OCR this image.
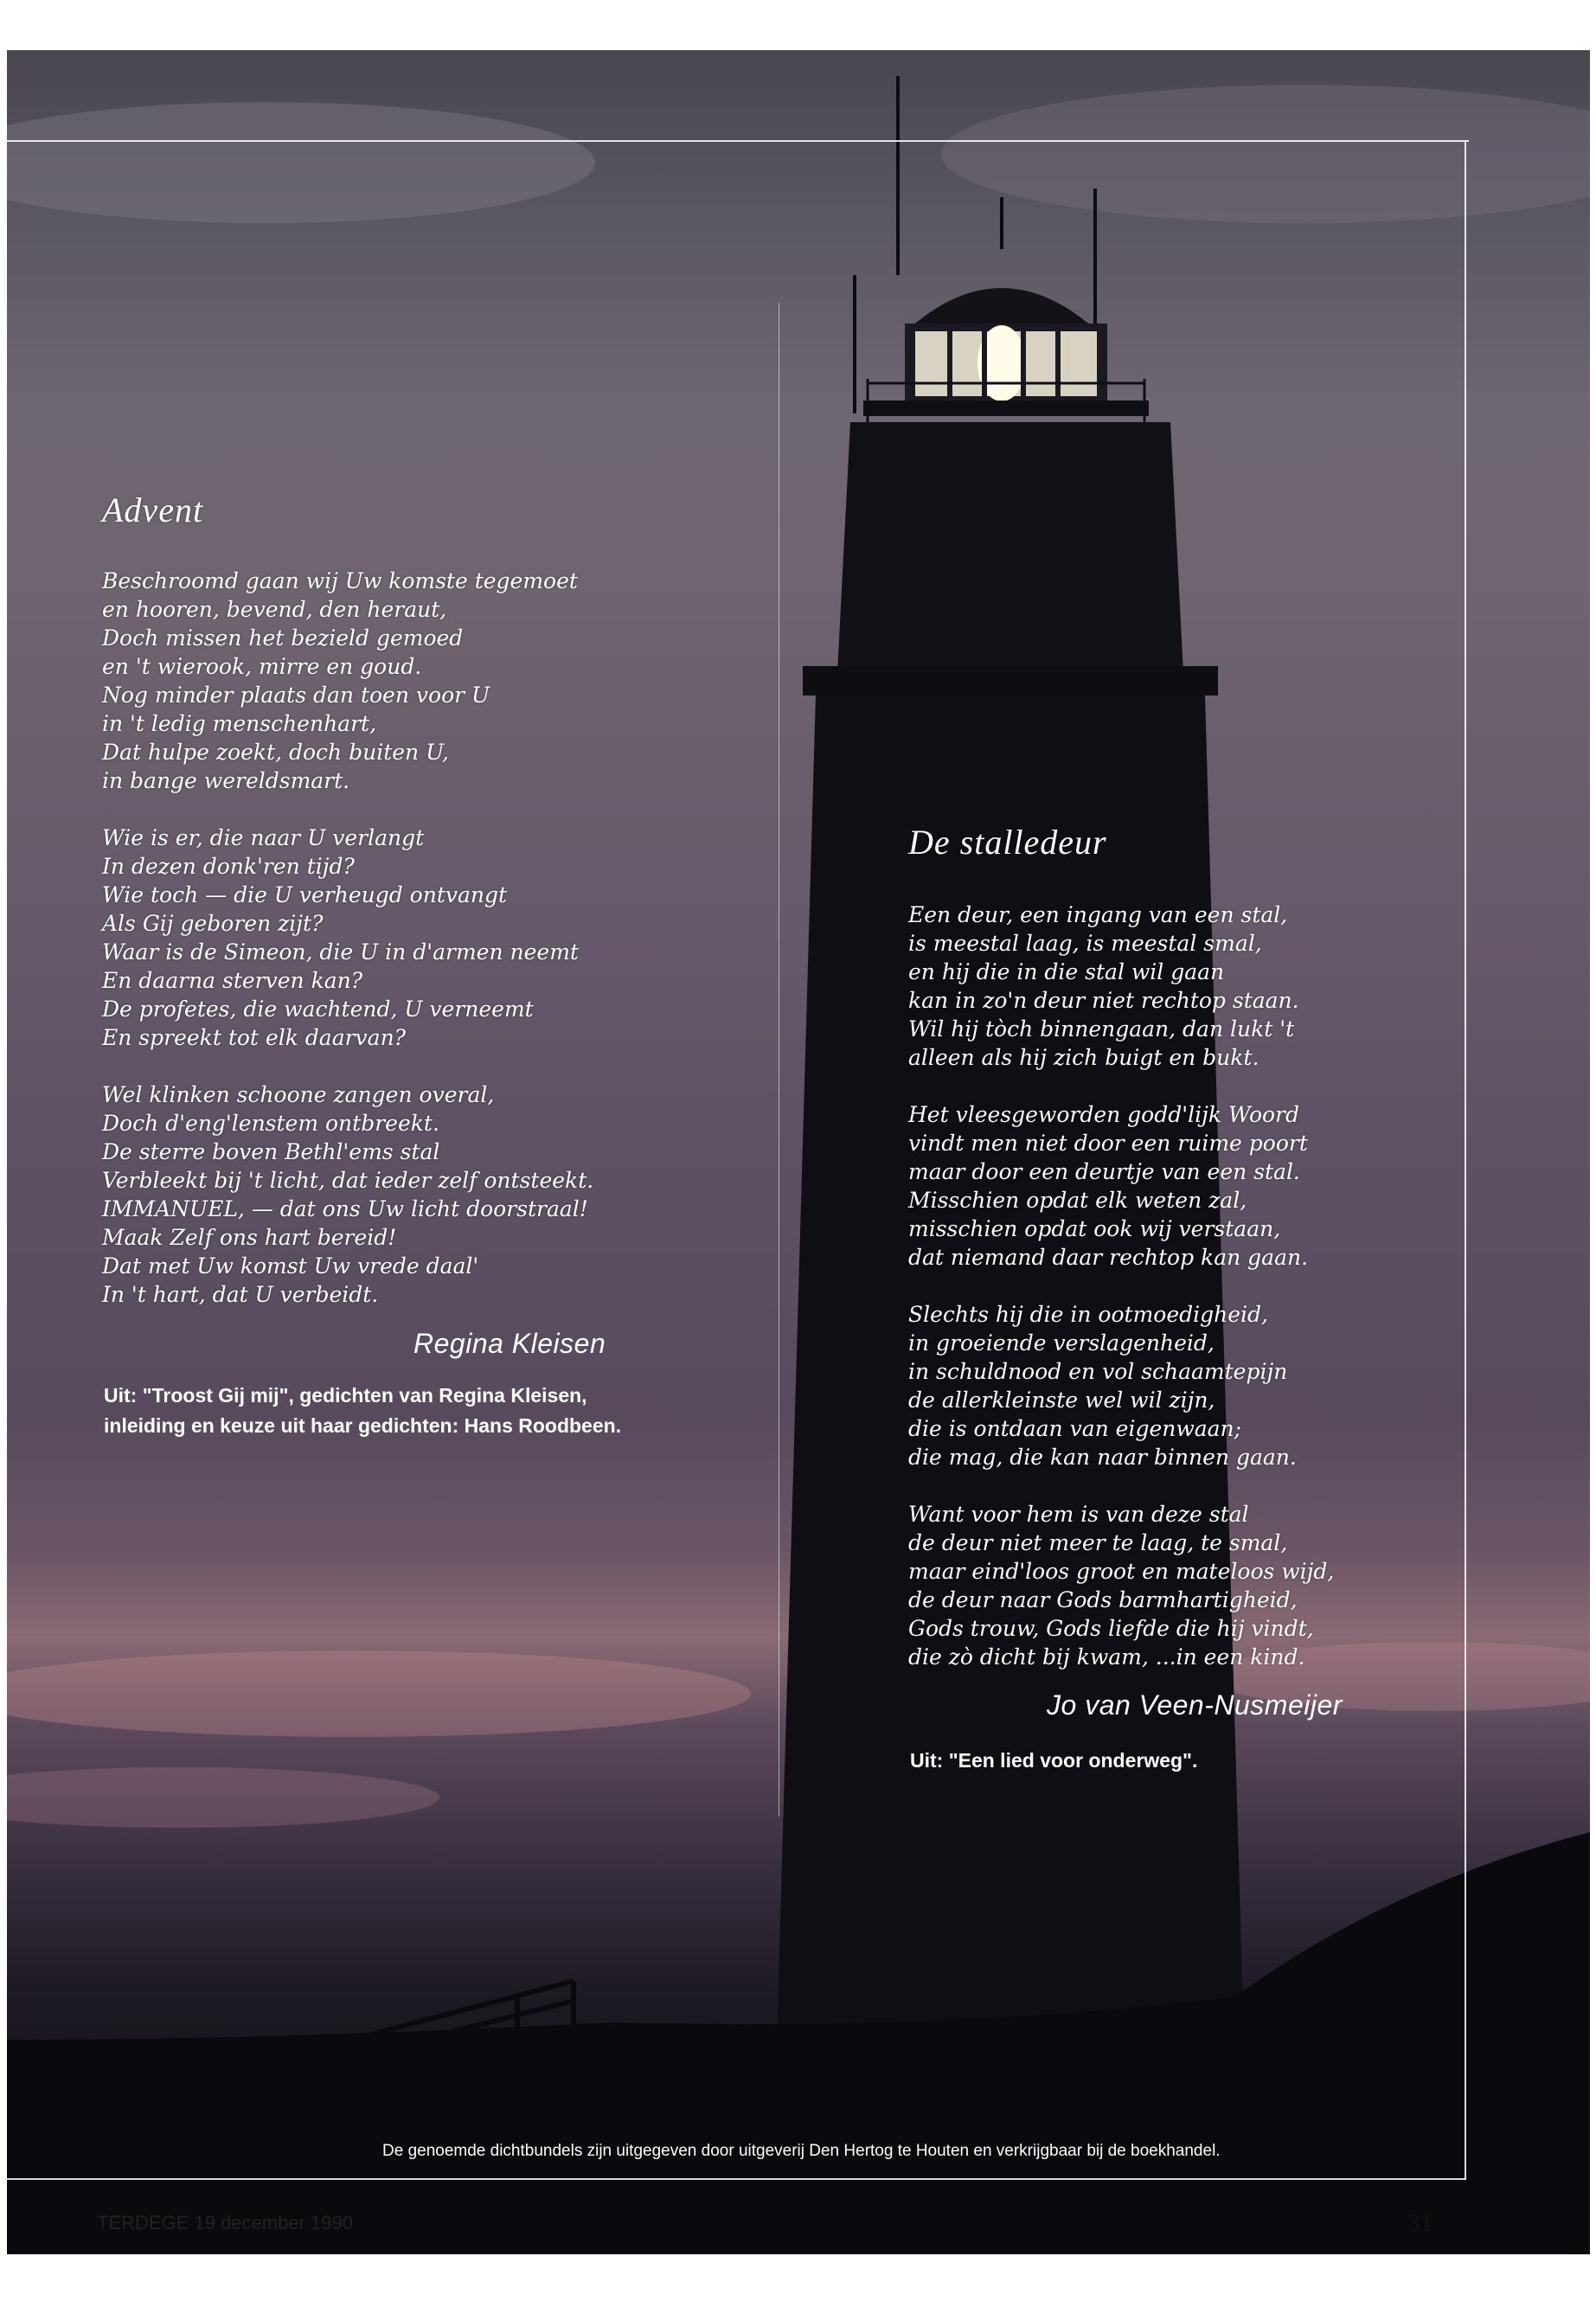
Advent
Beschroomd gaan wij Uw komste tegemoet
en hooren, bevend, den heraut,
Doch missen het bezield gemoed
en 't wierook, mirre en goud.
Nog minder plaats dan toen voor U
in 't ledig menschenhart,
Dat hulpe zoekt, doch buiten U,
in bange wereldsmart.
Wie is er, die naar U verlangt
In dezen donk'ren tijd?
Wie toch — die U verheugd ontvangt
Als Gij geboren zijt?
Waar is de Simeon, die U in d'armen neemt
En daarna sterven kan?
De profetes, die wachtend, U verneemt
En spreekt tot elk daarvan?
Wel klinken schoone zangen overal,
Doch d'eng'lenstem ontbreekt.
De sterre boven Bethl'ems stal
Verbleekt bij 't licht, dat ieder zelf ontsteekt.
IMMANUEL, — dat ons Uw licht doorstraal!
Maak Zelf ons hart bereid!
Dat met Uw komst Uw vrede daal'
In 't hart, dat U verbeidt.
Regina Kleisen
Uit: "Troost Gij mij", gedichten van Regina Kleisen, inleiding en keuze uit haar gedichten: Hans Roodbeen.
De stalledeur
Een deur, een ingang van een stal,
is meestal laag, is meestal smal,
en hij die in die stal wil gaan
kan in zo'n deur niet rechtop staan.
Wil hij tòch binnengaan, dan lukt 't
alleen als hij zich buigt en bukt.
Het vleesgeworden godd'lijk Woord
vindt men niet door een ruime poort
maar door een deurtje van een stal.
Misschien opdat elk weten zal,
misschien opdat ook wij verstaan,
dat niemand daar rechtop kan gaan.
Slechts hij die in ootmoedigheid,
in groeiende verslagenheid,
in schuldnood en vol schaamtepijn
de allerkleinste wel wil zijn,
die is ontdaan van eigenwaan;
die mag, die kan naar binnen gaan.
Want voor hem is van deze stal
de deur niet meer te laag, te smal,
maar eind'loos groot en mateloos wijd,
de deur naar Gods barmhartigheid,
Gods trouw, Gods liefde die hij vindt,
die zò dicht bij kwam, ...in een kind.
Jo van Veen-Nusmeijer
Uit: "Een lied voor onderweg".
De genoemde dichtbundels zijn uitgegeven door uitgeverij Den Hertog te Houten en verkrijgbaar bij de boekhandel.
TERDEGE 19 december 1990	31
